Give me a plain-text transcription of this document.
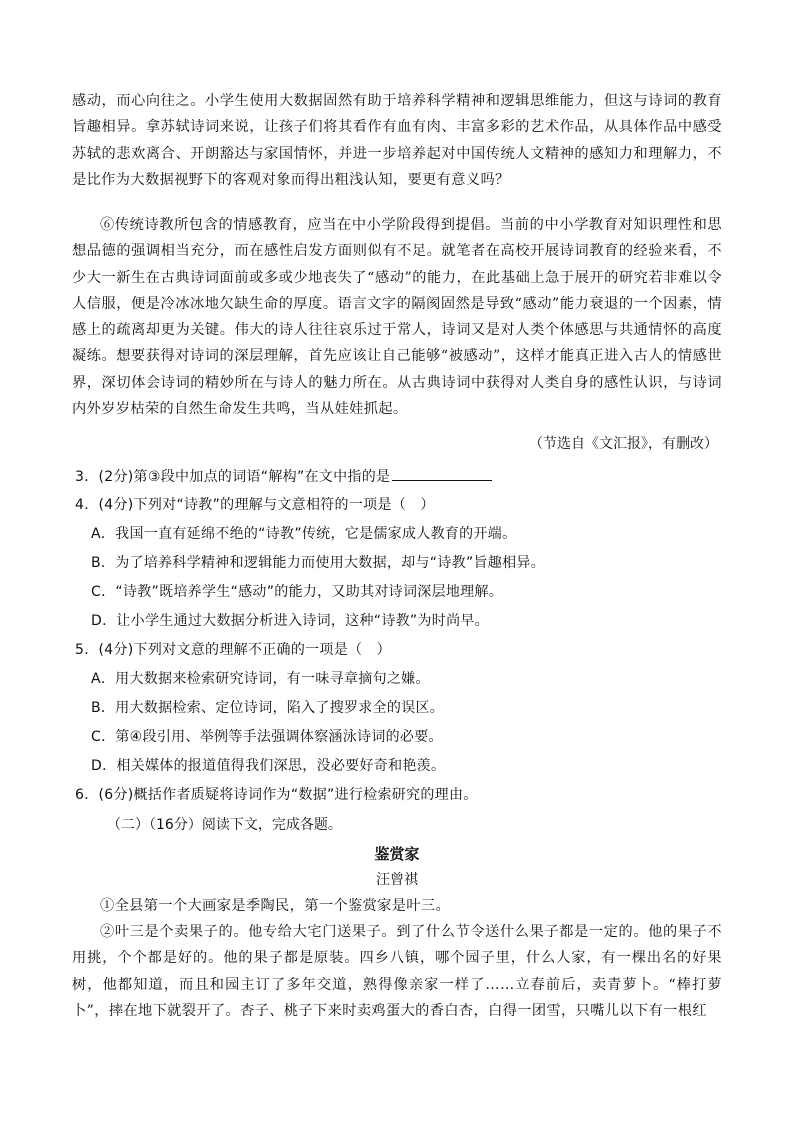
感动，而心向往之。小学生使用大数据固然有助于培养科学精神和逻辑思维能力，但这与诗词的教育旨趣相异。拿苏轼诗词来说，让孩子们将其看作有血有肉、丰富多彩的艺术作品，从具体作品中感受苏轼的悲欢离合、开朗豁达与家国情怀，并进一步培养起对中国传统人文精神的感知力和理解力，不是比作为大数据视野下的客观对象而得出粗浅认知，要更有意义吗？

⑥传统诗教所包含的情感教育，应当在中小学阶段得到提倡。当前的中小学教育对知识理性和思想品德的强调相当充分，而在感性启发方面则似有不足。就笔者在高校开展诗词教育的经验来看，不少大一新生在古典诗词面前或多或少地丧失了“感动”的能力，在此基础上急于展开的研究若非难以令人信服，便是冷冰冰地欠缺生命的厚度。语言文字的隔阂固然是导致“感动”能力衰退的一个因素，情感上的疏离却更为关键。伟大的诗人往往哀乐过于常人，诗词又是对人类个体感思与共通情怀的高度凝练。想要获得对诗词的深层理解，首先应该让自己能够“被感动”，这样才能真正进入古人的情感世界，深切体会诗词的精妙所在与诗人的魅力所在。从古典诗词中获得对人类自身的感性认识，与诗词内外岁岁枯荣的自然生命发生共鸣，当从娃娃抓起。

（节选自《文汇报》，有删改）
3．(2分)第③段中加点的词语“解构”在文中指的是
4．(4分)下列对“诗教”的理解与文意相符的一项是（　）
A．我国一直有延绵不绝的“诗教”传统，它是儒家成人教育的开端。
B．为了培养科学精神和逻辑能力而使用大数据，却与“诗教”旨趣相异。
C．“诗教”既培养学生“感动”的能力，又助其对诗词深层地理解。
D．让小学生通过大数据分析进入诗词，这种“诗教”为时尚早。
5．(4分)下列对文意的理解不正确的一项是（　）
A．用大数据来检索研究诗词，有一味寻章摘句之嫌。
B．用大数据检索、定位诗词，陷入了搜罗求全的误区。
C．第④段引用、举例等手法强调体察涵泳诗词的必要。
D．相关媒体的报道值得我们深思，没必要好奇和艳羡。
6．(6分)概括作者质疑将诗词作为“数据”进行检索研究的理由。
（二）（16分）阅读下文，完成各题。
鉴赏家
汪曾祺

①全县第一个大画家是季陶民，第一个鉴赏家是叶三。

②叶三是个卖果子的。他专给大宅门送果子。到了什么节令送什么果子都是一定的。他的果子不用挑，个个都是好的。他的果子都是原装。四乡八镇，哪个园子里，什么人家，有一棵出名的好果树，他都知道，而且和园主订了多年交道，熟得像亲家一样了……立春前后，卖青萝卜。“棒打萝卜”，摔在地下就裂开了。杏子、桃子下来时卖鸡蛋大的香白杏，白得一团雪，只嘴儿以下有一根红
